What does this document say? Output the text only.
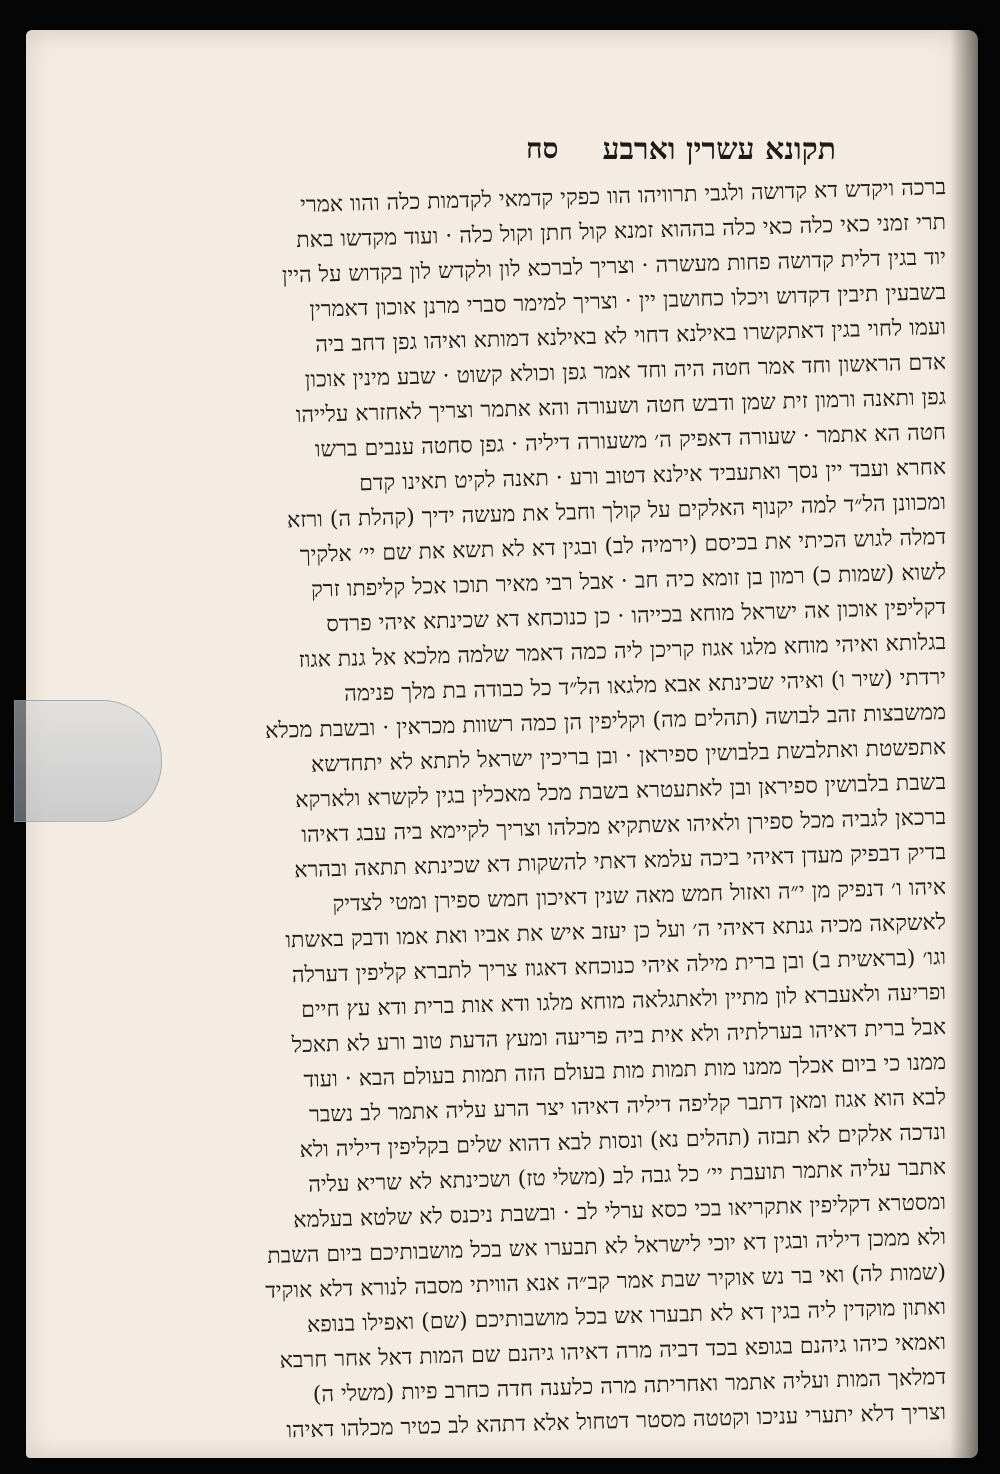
תקונא עשרין וארבע
סח
ברכה ויקדש דא קדושה ולגבי תרוויהו הוו כפקי קדמאי לקדמות כלה והוו אמרי
תרי זמני כאי כלה כאי כלה בההוא זמנא קול חתן וקול כלה · ועוד מקדשו באת
יוד בגין דלית קדושה פחות מעשרה · וצריך לברכא לון ולקדש לון בקדוש על היין
בשבעין תיבין דקדוש ויכלו כחושבן יין · וצריך למימר סברי מרנן אוכון דאמרין
ועמו לחוי בגין דאתקשרו באילנא דחוי לא באילנא דמותא ואיהו גפן דחב ביה
אדם הראשון וחד אמר חטה היה וחד אמר גפן וכולא קשוט · שבע מינין אוכון
גפן ותאנה ורמון זית שמן ודבש חטה ושעורה והא אתמר וצריך לאחזרא עלייהו
חטה הא אתמר · שעורה דאפיק ה׳ משעורה דיליה · גפן סחטה ענבים ברשו
אחרא ועבד יין נסך ואתעביד אילנא דטוב ורע · תאנה לקיט תאינו קדם
ומכוונן הל״ד למה יקנוף האלקים על קולך וחבל את מעשה ידיך (קהלת ה) ורזא
דמלה לגוש הכיתי את בכיסם (ירמיה לב) ובגין דא לא תשא את שם יי׳ אלקיך
לשוא (שמות כ) רמון בן זומא כיה חב · אבל רבי מאיר תוכו אכל קליפתו זרק
דקליפין אוכון אה ישראל מוחא בכייהו · כן כנוכחא דא שכינתא איהי פרדס
בגלותא ואיהי מוחא מלגו אגוז קריכן ליה כמה דאמר שלמה מלכא אל גנת אגוז
ירדתי (שיר ו) ואיהי שכינתא אבא מלגאו הל״ד כל כבודה בת מלך פנימה
ממשבצות זהב לבושה (תהלים מה) וקליפין הן כמה רשוות מכראין · ובשבת מכלא
אתפשטת ואתלבשת בלבושין ספיראן · ובן בריכין ישראל לתתא לא יתחדשא
בשבת בלבושין ספיראן ובן לאתעטרא בשבת מכל מאכלין בגין לקשרא ולארקא
ברכאן לגביה מכל ספירן ולאיהו אשתקיא מכלהו וצריך לקיימא ביה עבג דאיהו
בדיק דבפיק מעדן דאיהי ביכה עלמא דאתי להשקות דא שכינתא תתאה ובהרא
איהו ו׳ דנפיק מן י״ה ואזול חמש מאה שנין דאיכון חמש ספירן ומטי לצדיק
לאשקאה מכיה גנתא דאיהי ה׳ ועל כן יעזב איש את אביו ואת אמו ודבק באשתו
וגו׳ (בראשית ב) ובן ברית מילה איהי כנוכחא דאגוז צריך לתברא קליפין דערלה
ופריעה ולאעברא לון מתיין ולאתגלאה מוחא מלגו ודא אות ברית ודא עץ חיים
אבל ברית דאיהו בערלתיה ולא אית ביה פריעה ומעץ הדעת טוב ורע לא תאכל
ממנו כי ביום אכלך ממנו מות תמות מות בעולם הזה תמות בעולם הבא · ועוד
לבא הוא אגוז ומאן דתבר קליפה דיליה דאיהו יצר הרע עליה אתמר לב נשבר
ונדכה אלקים לא תבזה (תהלים נא) ונסות לבא דהוא שלים בקליפין דיליה ולא
אתבר עליה אתמר תועבת יי׳ כל גבה לב (משלי טז) ושכינתא לא שריא עליה
ומסטרא דקליפין אתקריאו בכי כסא ערלי לב · ובשבת ניכנס לא שלטא בעלמא
ולא ממכן דיליה ובגין דא יוכי לישראל לא תבערו אש בכל מושבותיכם ביום השבת
(שמות לה) ואי בר נש אוקיר שבת אמר קב״ה אנא הוויתי מסבה לנורא דלא אוקיד
ואתון מוקדין ליה בגין דא לא תבערו אש בכל מושבותיכם (שם) ואפילו בנופא
ואמאי כיהו גיהנם בגופא בכד דביה מרה דאיהו גיהנם שם המות דאל אחר חרבא
דמלאך המות ועליה אתמר ואחריתה מרה כלענה חדה כחרב פיות (משלי ה)
וצריך דלא יתערי עניכו וקטטה מסטר דטחול אלא דתהא לב כטיר מכלהו דאיהו
